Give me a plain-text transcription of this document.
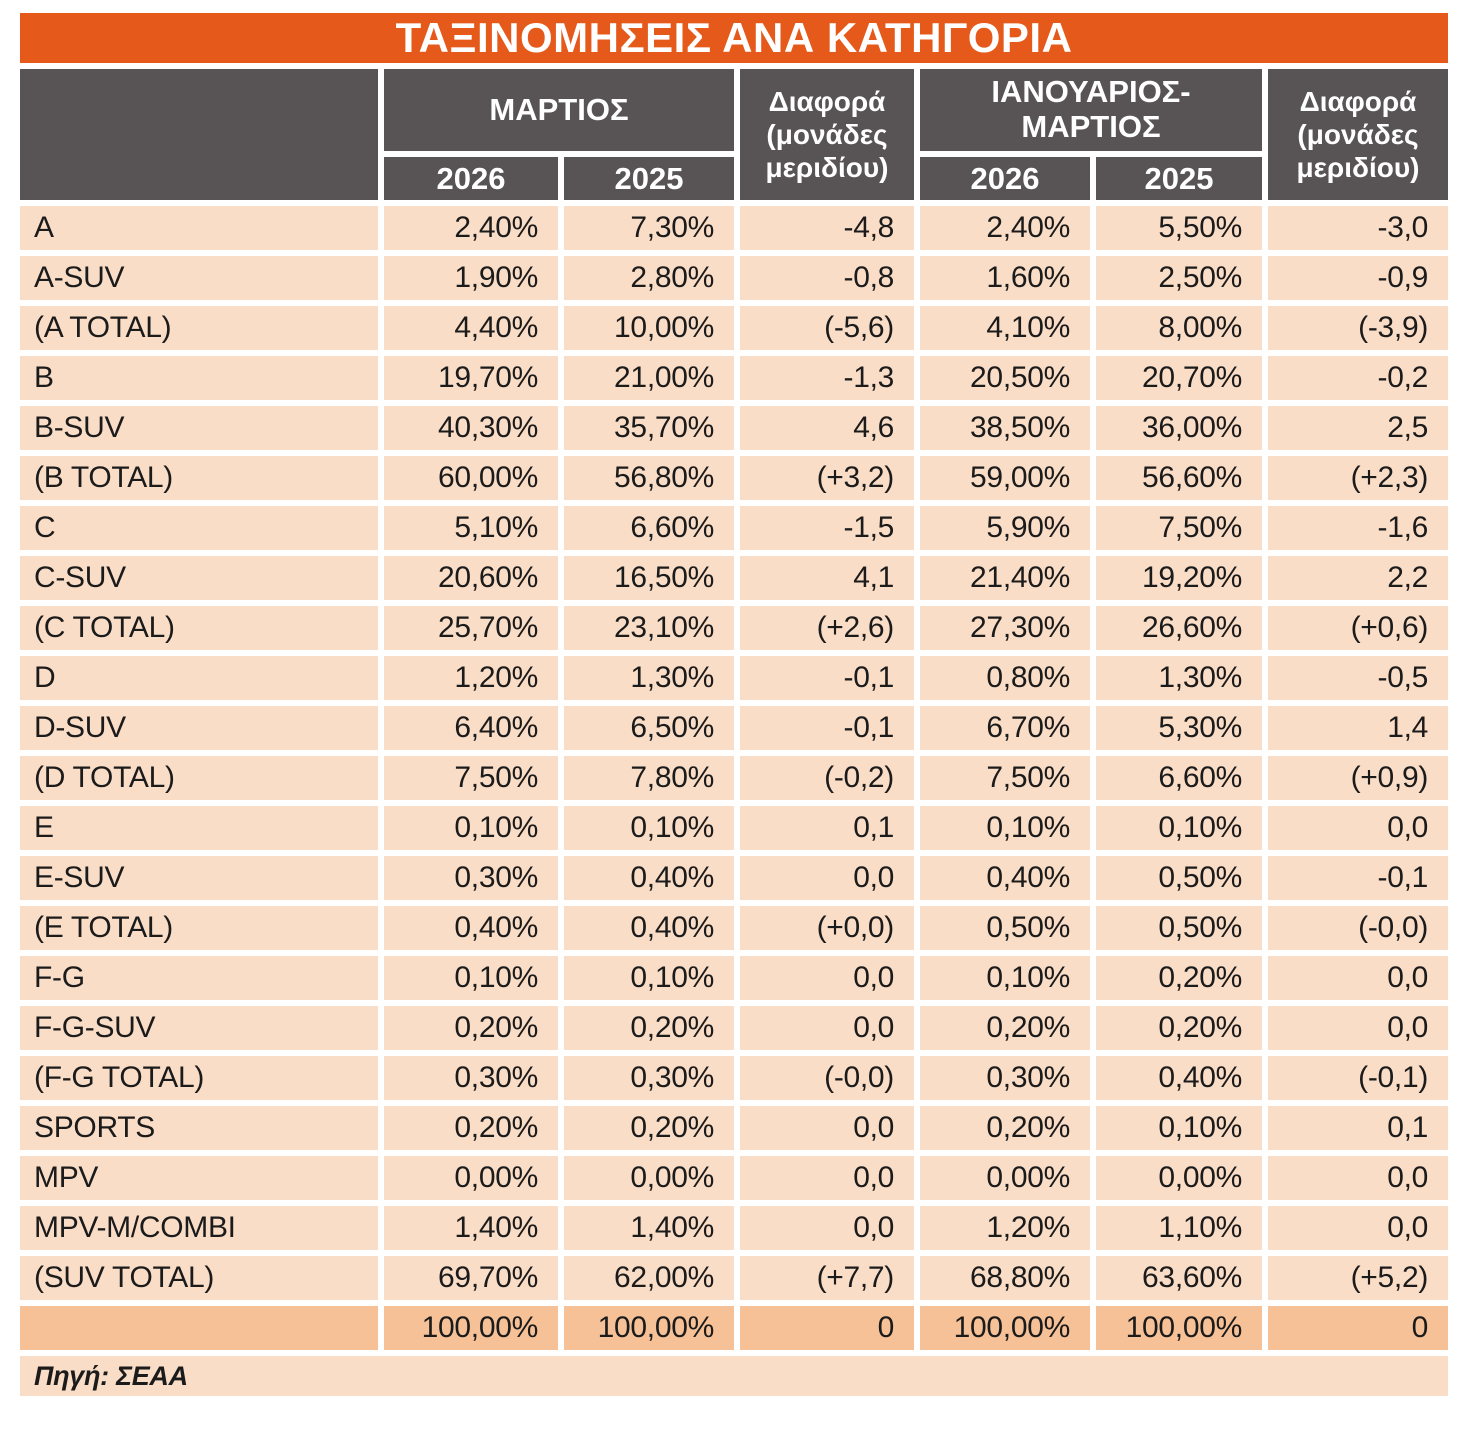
ΤΑΞΙΝΟΜΗΣΕΙΣ ΑΝΑ ΚΑΤΗΓΟΡΙΑ						

	ΜΑΡΤΙΟΣ		Διαφορά (μονάδες μεριδίου)	ΙΑΝΟΥΑΡΙΟΣ-ΜΑΡΤΙΟΣ		Διαφορά (μονάδες μεριδίου)

	2026	2025		2026	2025	
A	2,40%	7,30%	-4,8	2,40%	5,50%	-3,0
A-SUV	1,90%	2,80%	-0,8	1,60%	2,50%	-0,9
(A TOTAL)	4,40%	10,00%	(-5,6)	4,10%	8,00%	(-3,9)
B	19,70%	21,00%	-1,3	20,50%	20,70%	-0,2
B-SUV	40,30%	35,70%	4,6	38,50%	36,00%	2,5
(B TOTAL)	60,00%	56,80%	(+3,2)	59,00%	56,60%	(+2,3)
C	5,10%	6,60%	-1,5	5,90%	7,50%	-1,6
C-SUV	20,60%	16,50%	4,1	21,40%	19,20%	2,2
(C TOTAL)	25,70%	23,10%	(+2,6)	27,30%	26,60%	(+0,6)
D	1,20%	1,30%	-0,1	0,80%	1,30%	-0,5
D-SUV	6,40%	6,50%	-0,1	6,70%	5,30%	1,4
(D TOTAL)	7,50%	7,80%	(-0,2)	7,50%	6,60%	(+0,9)
E	0,10%	0,10%	0,1	0,10%	0,10%	0,0
E-SUV	0,30%	0,40%	0,0	0,40%	0,50%	-0,1
(E TOTAL)	0,40%	0,40%	(+0,0)	0,50%	0,50%	(-0,0)
F-G	0,10%	0,10%	0,0	0,10%	0,20%	0,0
F-G-SUV	0,20%	0,20%	0,0	0,20%	0,20%	0,0
(F-G TOTAL)	0,30%	0,30%	(-0,0)	0,30%	0,40%	(-0,1)
SPORTS	0,20%	0,20%	0,0	0,20%	0,10%	0,1
MPV	0,00%	0,00%	0,0	0,00%	0,00%	0,0
MPV-M/COMBI	1,40%	1,40%	0,0	1,20%	1,10%	0,0
(SUV TOTAL)	69,70%	62,00%	(+7,7)	68,80%	63,60%	(+5,2)
	100,00%	100,00%	0	100,00%	100,00%	0
Πηγή: ΣΕΑΑ						
